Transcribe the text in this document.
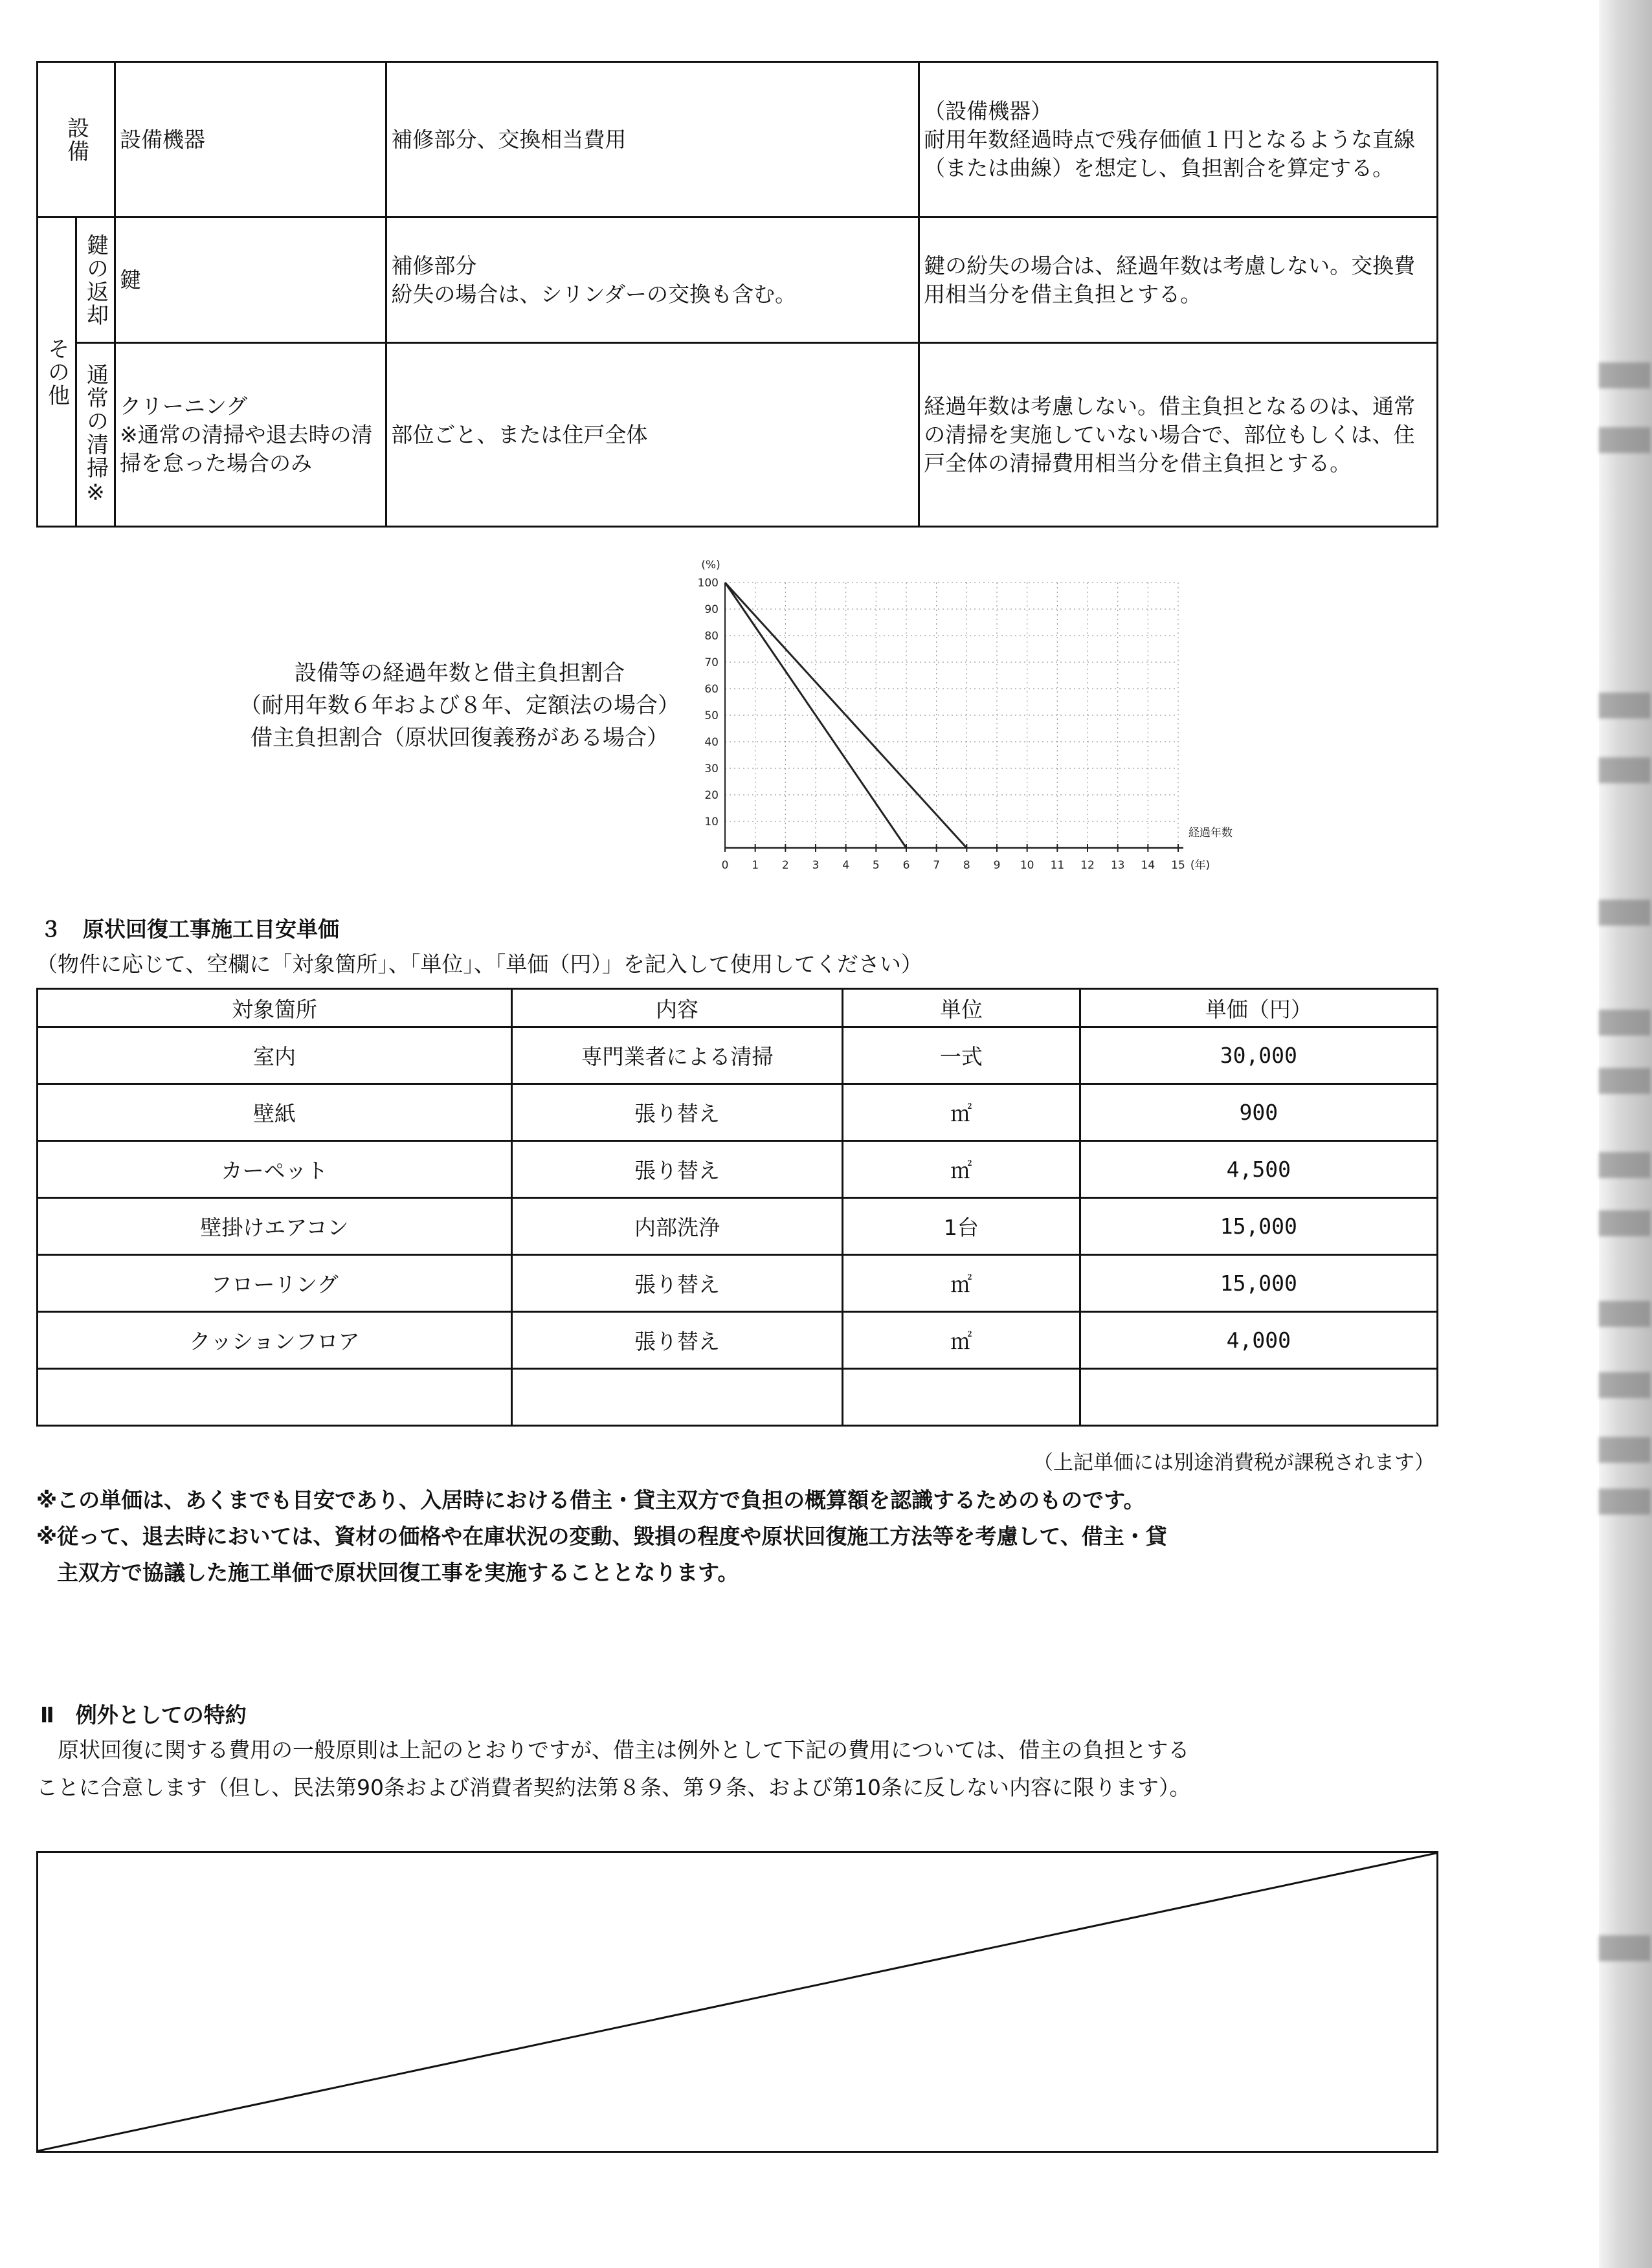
設備		設備機器	補修部分、交換相当費用	（設備機器）
耐用年数経過時点で残存価値１円となるような直線（または曲線）を想定し、負担割合を算定する。

その他	鍵の返却	鍵	補修部分
紛失の場合は、シリンダーの交換も含む。	鍵の紛失の場合は、経過年数は考慮しない。交換費用相当分を借主負担とする。

	通常の清掃※	クリーニング
※通常の清掃や退去時の清掃を怠った場合のみ	部位ごと、または住戸全体	経過年数は考慮しない。借主負担となるのは、通常の清掃を実施していない場合で、部位もしくは、住戸全体の清掃費用相当分を借主負担とする。
設備等の経過年数と借主負担割合
（耐用年数６年および８年、定額法の場合）
借主負担割合（原状回復義務がある場合）
0 1 2 3 4 5 6 7 8 9 10 11 12 13 14 15
10
20
30
40
50
60
70
80
90
100
(%)
経過年数
(年)
３　原状回復工事施工目安単価
（物件に応じて、空欄に「対象箇所」、「単位」、「単価（円）」を記入して使用してください）
対象箇所	内容	単位	単価（円）
室内	専門業者による清掃	一式	30,000
壁紙	張り替え	㎡	900
カーペット	張り替え	㎡	4,500
壁掛けエアコン	内部洗浄	1台	15,000
フローリング	張り替え	㎡	15,000
クッションフロア	張り替え	㎡	4,000

（上記単価には別途消費税が課税されます）
※この単価は、あくまでも目安であり、入居時における借主・貸主双方で負担の概算額を認識するためのものです。
※従って、退去時においては、資材の価格や在庫状況の変動、毀損の程度や原状回復施工方法等を考慮して、借主・貸
主双方で協議した施工単価で原状回復工事を実施することとなります。
Ⅱ　例外としての特約
　原状回復に関する費用の一般原則は上記のとおりですが、借主は例外として下記の費用については、借主の負担とする
ことに合意します（但し、民法第90条および消費者契約法第８条、第９条、および第10条に反しない内容に限ります）。
